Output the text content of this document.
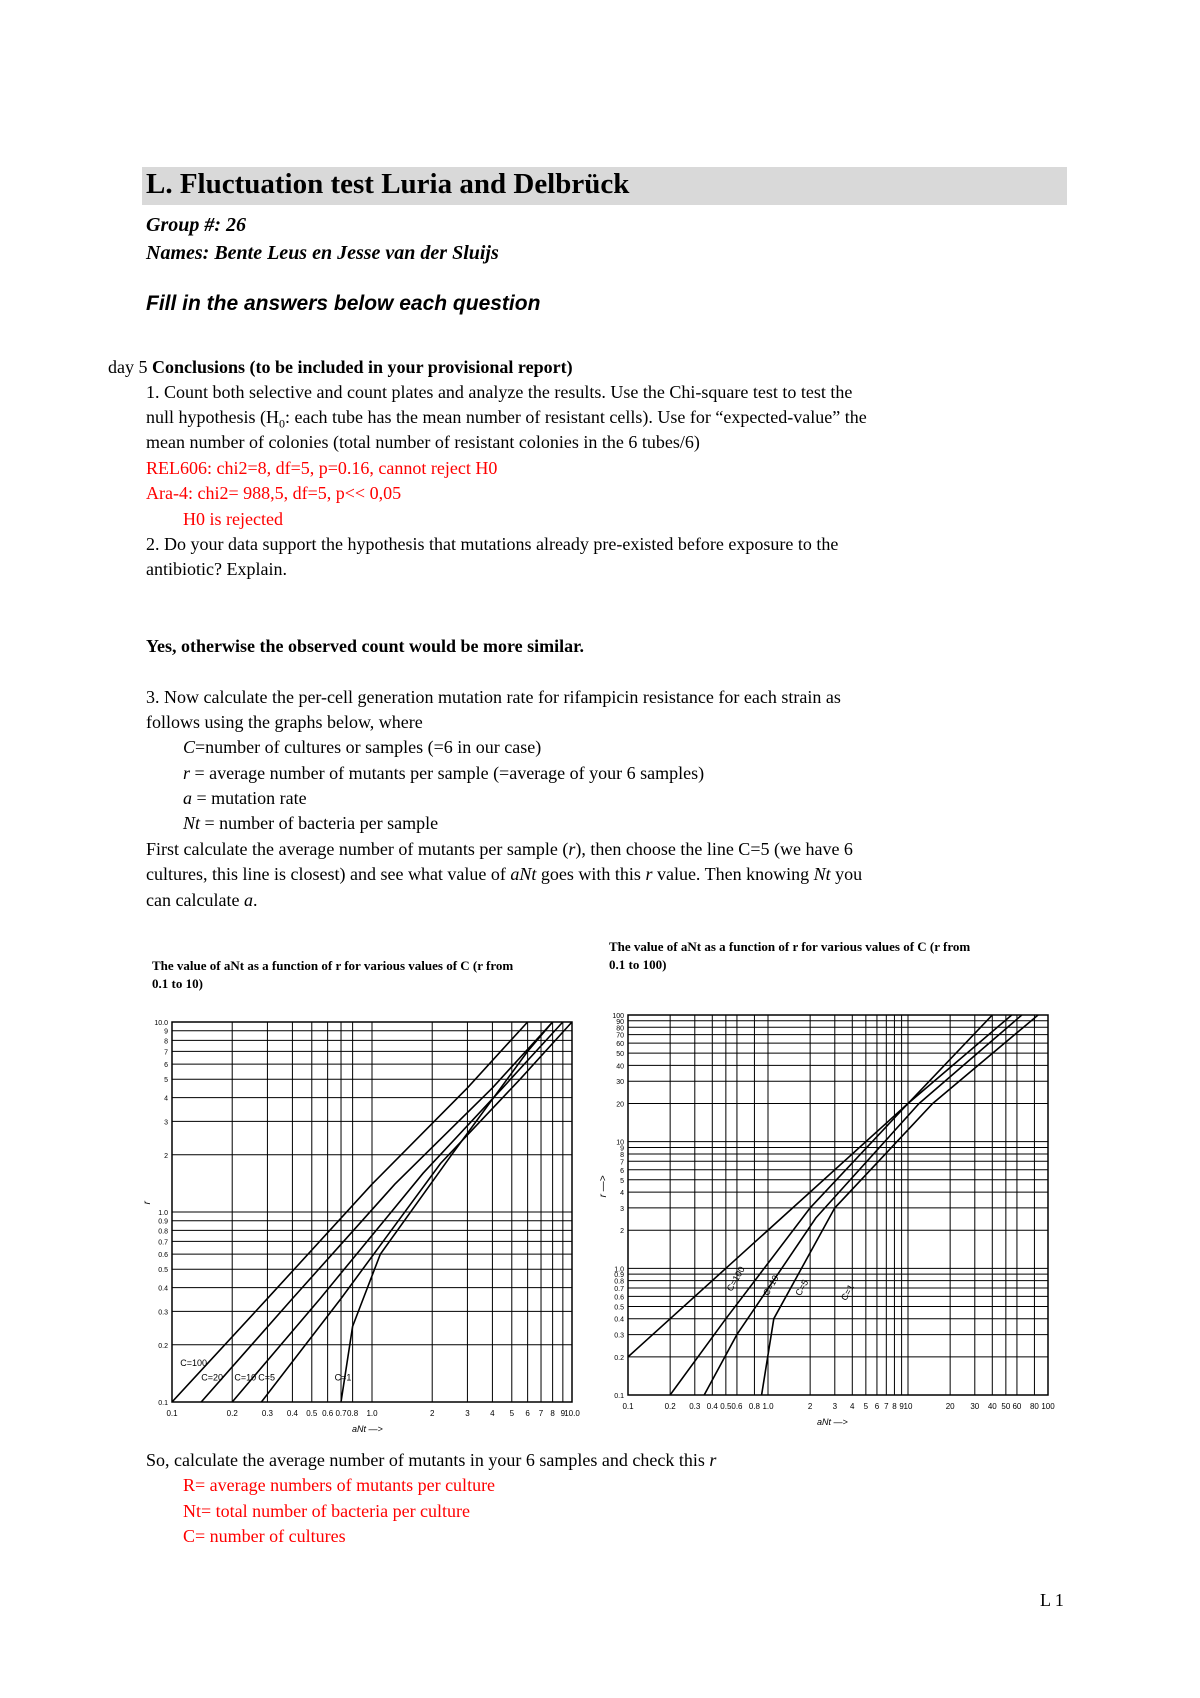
L. Fluctuation test Luria and Delbrück
Group #: 26
Names: Bente Leus en Jesse van der Sluijs
Fill in the answers below each question
day 5 Conclusions (to be included in your provisional report)
1. Count both selective and count plates and analyze the results. Use the Chi-square test to test the
null hypothesis ($H_0$: each tube has the mean number of resistant cells). Use for “expected-value” the
mean number of colonies (total number of resistant colonies in the 6 tubes/6)
REL606: chi2=8, df=5, p=0.16, cannot reject H0
Ara-4: chi2= 988,5, df=5, p<< 0,05
H0 is rejected
2. Do your data support the hypothesis that mutations already pre-existed before exposure to the
antibiotic? Explain.
Yes, otherwise the observed count would be more similar.
3. Now calculate the per-cell generation mutation rate for rifampicin resistance for each strain as
follows using the graphs below, where
C=number of cultures or samples (=6 in our case)
r = average number of mutants per sample (=average of your 6 samples)
a = mutation rate
Nt = number of bacteria per sample
First calculate the average number of mutants per sample (r), then choose the line C=5 (we have 6
cultures, this line is closest) and see what value of aNt goes with this r value. Then knowing Nt you
can calculate a.
The value of aNt as a function of r for various values of C (r from
0.1 to 10)
0.1	0.2	0.3 0.4 0.5 0.6 0.7 0.8 1.0	2	3	4 5 6 7 8 9 10.0
10.0
9
8
7
6
5
4
3
2
1.0
0.9
0.8
0.7
0.6
0.5
0.4
0.3
0.2
0.1
C=100
C=20 C=10 C=5	C=1
aNt —>
r
The value of aNt as a function of r for various values of C (r from
0.1 to 100)
0.1	0.2 0.3 0.4 0.5 0.6 0.8 1.0	2	3 4 5 6 7 8 9 10	20 30 40 50 60 80 100
100
90
80
70
60
50
40
30
20
10
9
8
7
6
5
4
3
2
1.0
0.9
0.8
0.7
0.6
0.5
0.4
0.3
0.2
0.1
C=100 C=10 C=5	C=1
aNt —>
r —>
So, calculate the average number of mutants in your 6 samples and check this r
R= average numbers of mutants per culture
Nt= total number of bacteria per culture
C= number of cultures
L 1
